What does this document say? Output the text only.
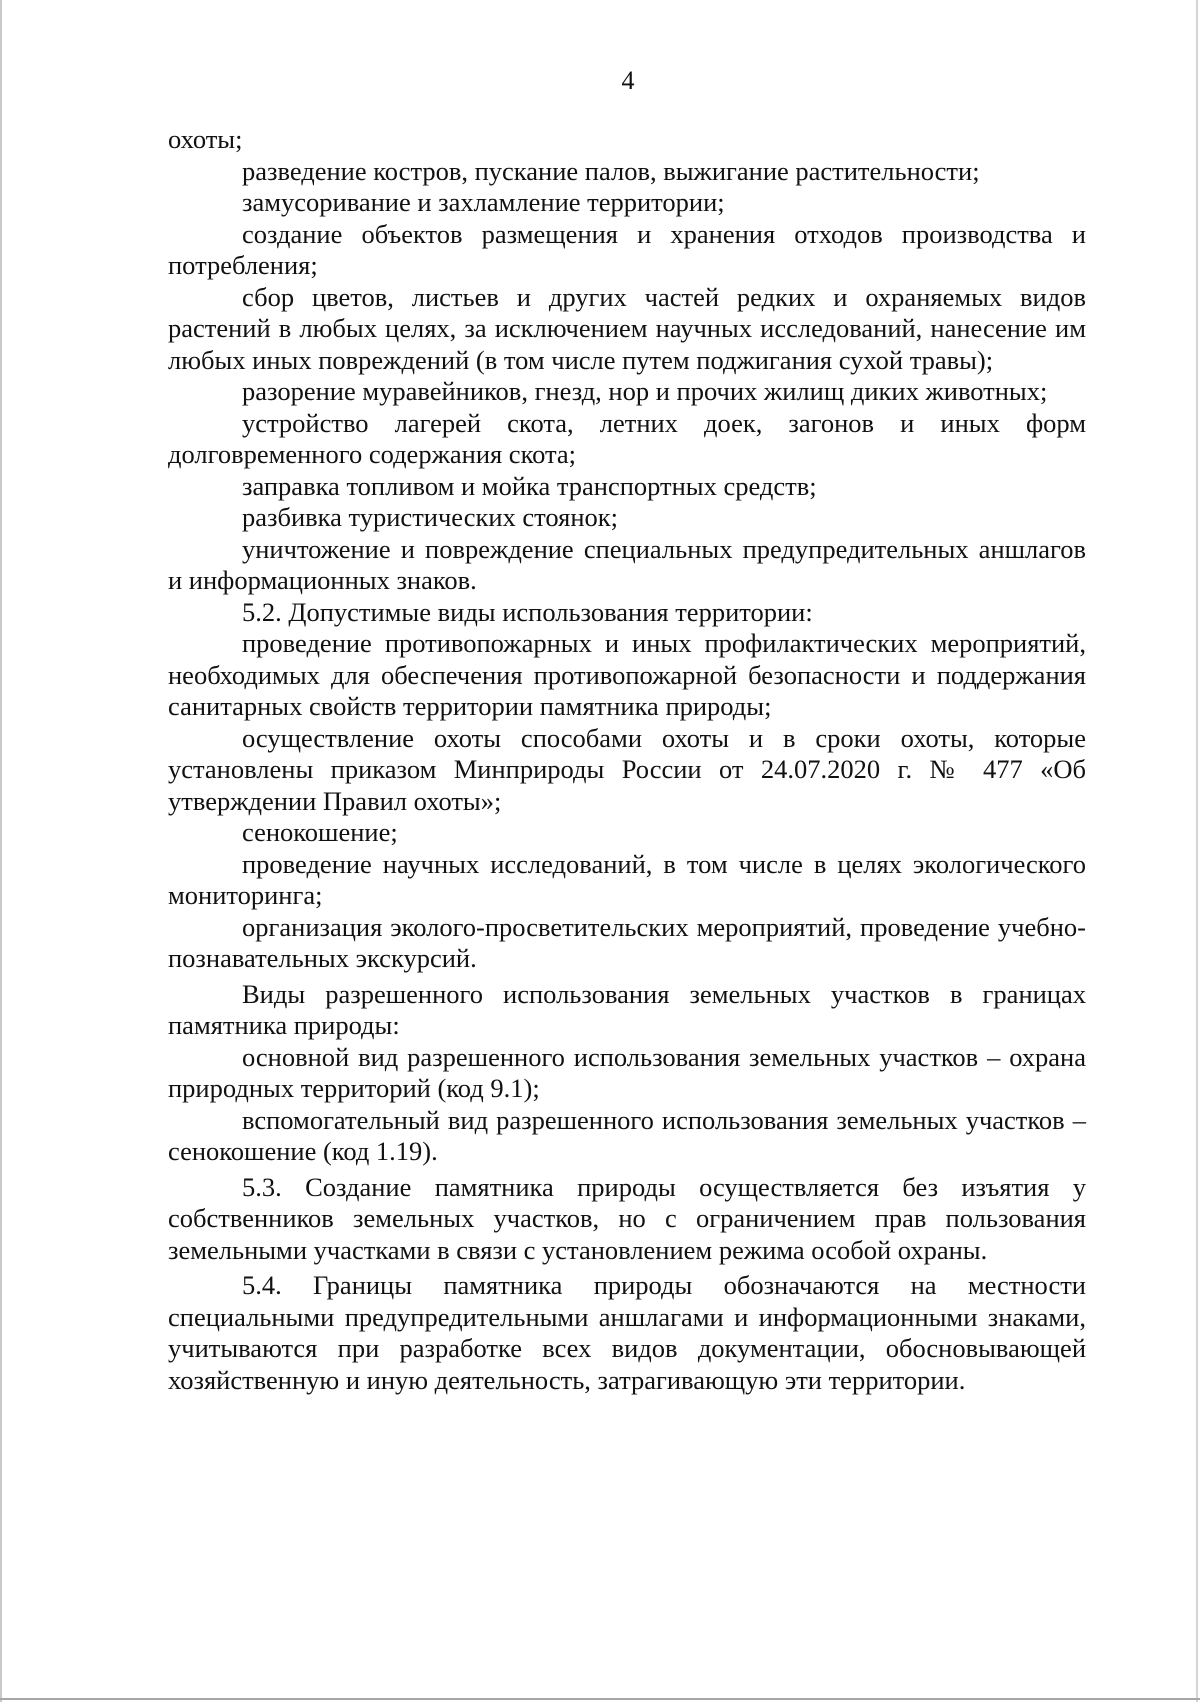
4

охоты;

разведение костров, пускание палов, выжигание растительности;

замусоривание и захламление территории;

создание объектов размещения и хранения отходов производства и потребления;

сбор цветов, листьев и других частей редких и охраняемых видов растений в любых целях, за исключением научных исследований, нанесение им любых иных повреждений (в том числе путем поджигания сухой травы);

разорение муравейников, гнезд, нор и прочих жилищ диких животных;

устройство лагерей скота, летних доек, загонов и иных форм долговременного содержания скота;

заправка топливом и мойка транспортных средств;

разбивка туристических стоянок;

уничтожение и повреждение специальных предупредительных аншлагов и информационных знаков.

5.2. Допустимые виды использования территории:

проведение противопожарных и иных профилактических мероприятий, необходимых для обеспечения противопожарной безопасности и поддержания санитарных свойств территории памятника природы;

осуществление охоты способами охоты и в сроки охоты, которые установлены приказом Минприроды России от 24.07.2020 г. № 477 «Об утверждении Правил охоты»;

сенокошение;

проведение научных исследований, в том числе в целях экологического мониторинга;

организация эколого-просветительских мероприятий, проведение учебно-познавательных экскурсий.

Виды разрешенного использования земельных участков в границах памятника природы:

основной вид разрешенного использования земельных участков – охрана природных территорий (код 9.1);

вспомогательный вид разрешенного использования земельных участков – сенокошение (код 1.19).

5.3. Создание памятника природы осуществляется без изъятия у собственников земельных участков, но с ограничением прав пользования земельными участками в связи с установлением режима особой охраны.

5.4. Границы памятника природы обозначаются на местности специальными предупредительными аншлагами и информационными знаками, учитываются при разработке всех видов документации, обосновывающей хозяйственную и иную деятельность, затрагивающую эти территории.
